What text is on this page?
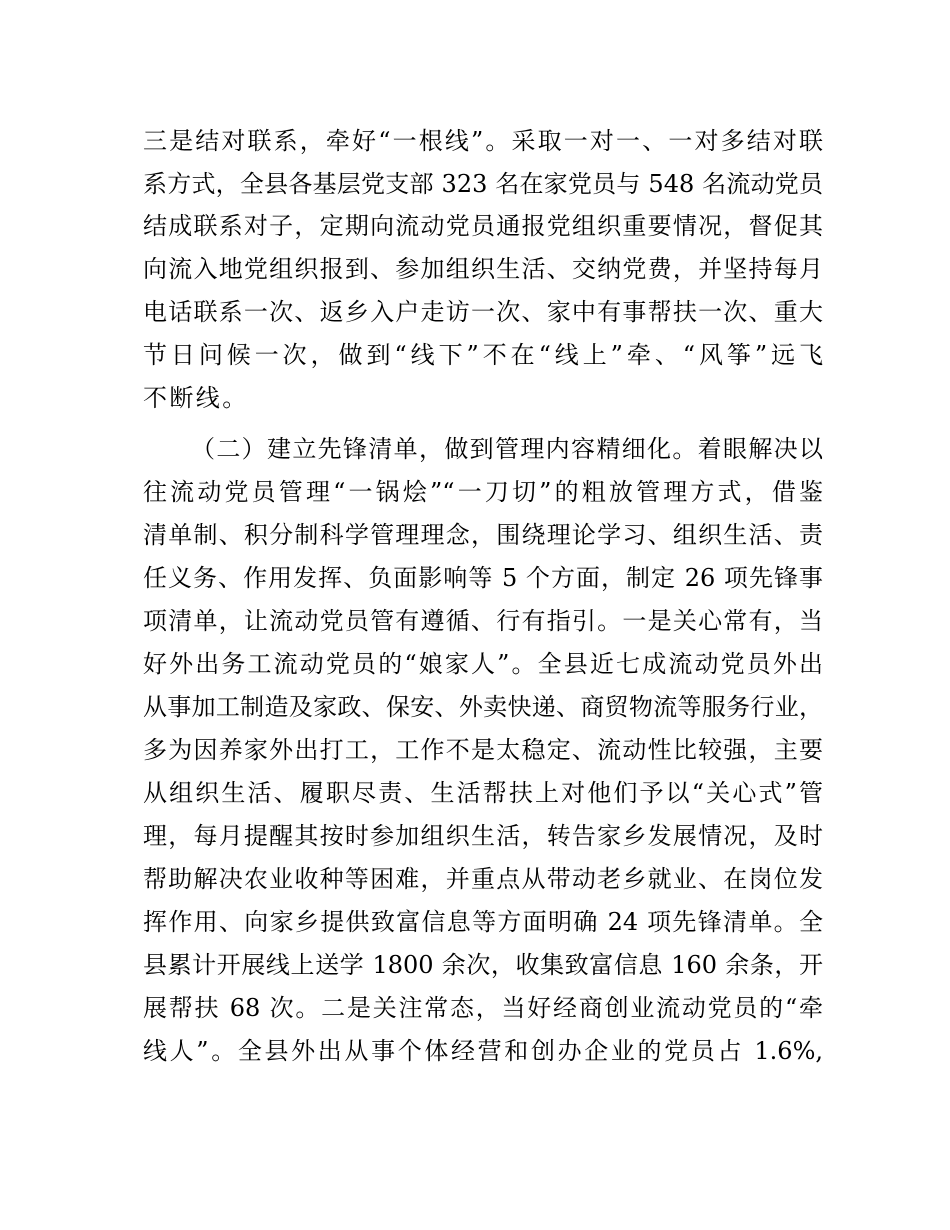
三是结对联系，牵好“一根线”。采取一对一、一对多结对联
系方式，全县各基层党支部 323 名在家党员与 548 名流动党员
结成联系对子，定期向流动党员通报党组织重要情况，督促其
向流入地党组织报到、参加组织生活、交纳党费，并坚持每月
电话联系一次、返乡入户走访一次、家中有事帮扶一次、重大
节日问候一次，做到“线下”不在“线上”牵、“风筝”远飞
不断线。
（二）建立先锋清单，做到管理内容精细化。着眼解决以
往流动党员管理“一锅烩”“一刀切”的粗放管理方式，借鉴
清单制、积分制科学管理理念，围绕理论学习、组织生活、责
任义务、作用发挥、负面影响等 5 个方面，制定 26 项先锋事
项清单，让流动党员管有遵循、行有指引。一是关心常有，当
好外出务工流动党员的“娘家人”。全县近七成流动党员外出
从事加工制造及家政、保安、外卖快递、商贸物流等服务行业，
多为因养家外出打工，工作不是太稳定、流动性比较强，主要
从组织生活、履职尽责、生活帮扶上对他们予以“关心式”管
理，每月提醒其按时参加组织生活，转告家乡发展情况，及时
帮助解决农业收种等困难，并重点从带动老乡就业、在岗位发
挥作用、向家乡提供致富信息等方面明确 24 项先锋清单。全
县累计开展线上送学 1800 余次，收集致富信息 160 余条，开
展帮扶 68 次。二是关注常态，当好经商创业流动党员的“牵
线人”。全县外出从事个体经营和创办企业的党员占 1.6%,
